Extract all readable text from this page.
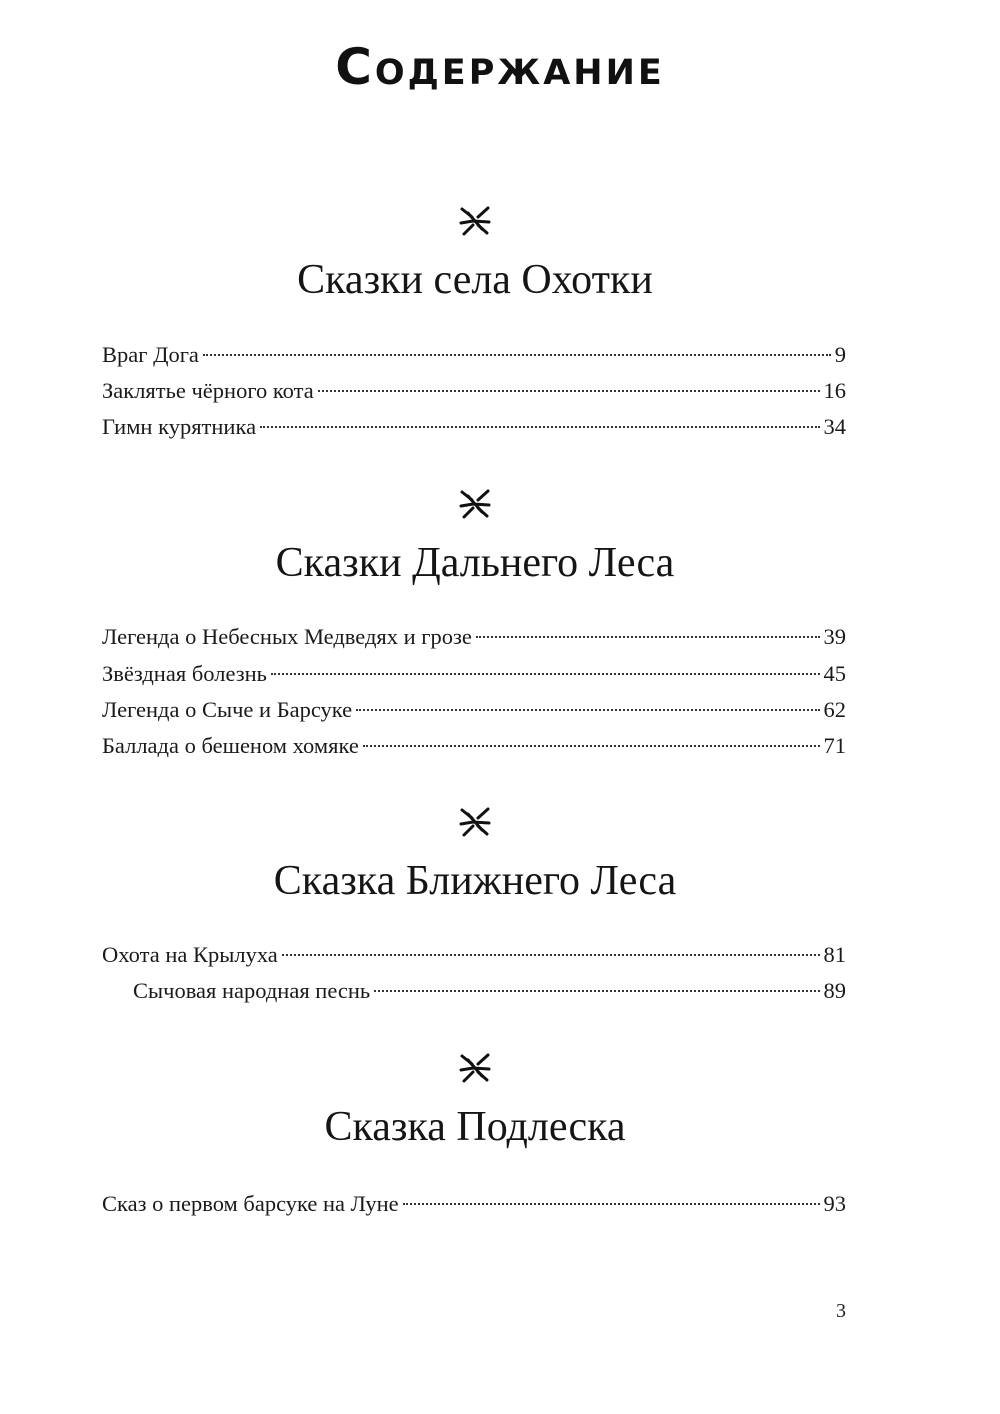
Содержание
Сказки села Охотки
Враг Дога	9
Заклятье чёрного кота	16
Гимн курятника	34
Сказки Дальнего Леса
Легенда о Небесных Медведях и грозе	39
Звёздная болезнь	45
Легенда о Сыче и Барсуке	62
Баллада о бешеном хомяке	71
Сказка Ближнего Леса
Охота на Крылуха	81
Сычовая народная песнь	89
Сказка Подлеска
Сказ о первом барсуке на Луне	93
3
